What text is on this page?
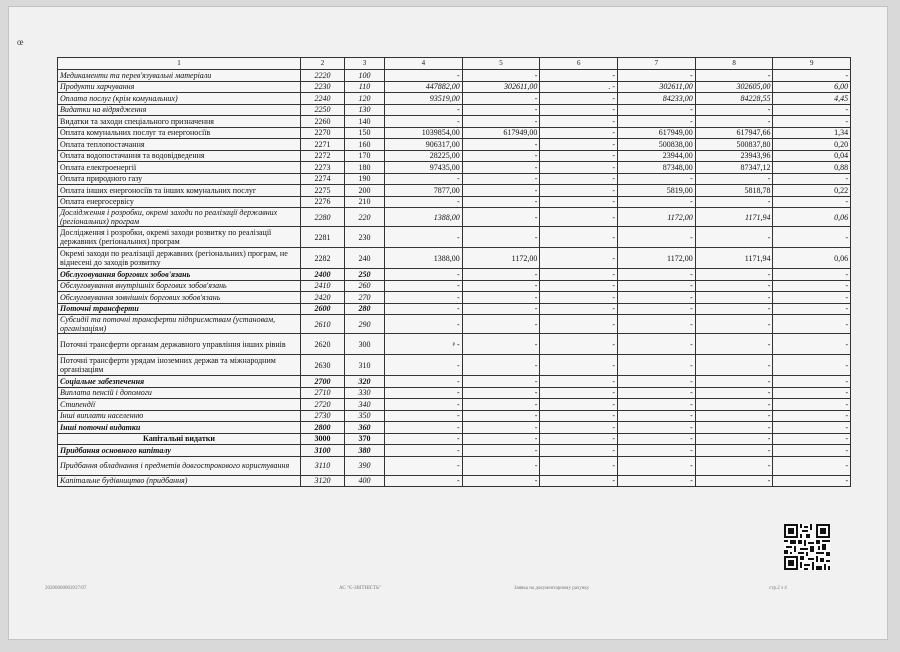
œ
1	2	3	4	5	6	7	8	9
Медикаменти та перев'язувальні матеріали	2220	100	-	-	-	-	-	-
Продукти харчування	2230	110	447882,00	302611,00	. -	302611,00	302605,00	6,00
Оплата послуг (крім комунальних)	2240	120	93519,00	-	-	84233,00	84228,55	4,45
Видатки на відрядження	2250	130	-	-	-	-	-	-
Видатки та заходи спеціального призначення	2260	140	-	-	-	-	-	-
Оплата комунальних послуг та енергоносіїв	2270	150	1039854,00	617949,00	-	617949,00	617947,66	1,34
Оплата теплопостачання	2271	160	906317,00	-	-	500838,00	500837,80	0,20
Оплата водопостачання та водовідведення	2272	170	28225,00	-	-	23944,00	23943,96	0,04
Оплата електроенергії	2273	180	97435,00	-	-	87348,00	87347,12	0,88
Оплата природного газу	2274	190	-	-	-	-	-	-
Оплата інших енергоносіїв та інших комунальних послуг	2275	200	7877,00	-	-	5819,00	5818,78	0,22
Оплата енергосервісу	2276	210	-	-	-	-	-	-
Дослідження і розробки, окремі заходи по реалізації державних (регіональних) програм	2280	220	1388,00	-	-	1172,00	1171,94	0,06
Дослідження і розробки, окремі заходи розвитку по реалізації державних (регіональних) програм	2281	230	-	-	-	-	-	-
Окремі заходи по реалізації державних (регіональних) програм, не віднесені до заходів розвитку	2282	240	1388,00	1172,00	-	1172,00	1171,94	0,06
Обслуговування боргових зобов'язань	2400	250	-	-	-	-	-	-
Обслуговування внутрішніх боргових зобов'язань	2410	260	-	-	-	-	-	-
Обслуговування зовнішніх боргових зобов'язань	2420	270	-	-	-	-	-	-
Поточні трансферти	2600	280	-	-	-	-	-	-
Субсидії та поточні трансферти підприємствам (установам, організаціям)	2610	290	-	-	-	-	-	-
Поточні трансферти органам державного управління інших рівнів	2620	300	ᵖ -	-	-	-	-	-
Поточні трансферти урядам іноземних держав та міжнародним організаціям	2630	310	-	-	-	-	-	-
Соціальне забезпечення	2700	320	-	-	-	-	-	-
Виплата пенсій і допомоги	2710	330	-	-	-	-	-	-
Стипендії	2720	340	-	-	-	-	-	-
Інші виплати населенню	2730	350	-	-	-	-	-	-
Інші поточні видатки	2800	360	-	-	-	-	-	-
Капітальні видатки	3000	370	-	-	-	-	-	-
Придбання основного капіталу	3100	380	-	-	-	-	-	-
Придбання обладнання і предметів довгострокового користування	3110	390	-	-	-	-	-	-
Капітальне будівництво (придбання)	3120	400	-	-	-	-	-	-
20200000003937/07	АС "Є-ЗВІТНІСТЬ"	Заявка на документарному рахунку	стр.2 з 4
